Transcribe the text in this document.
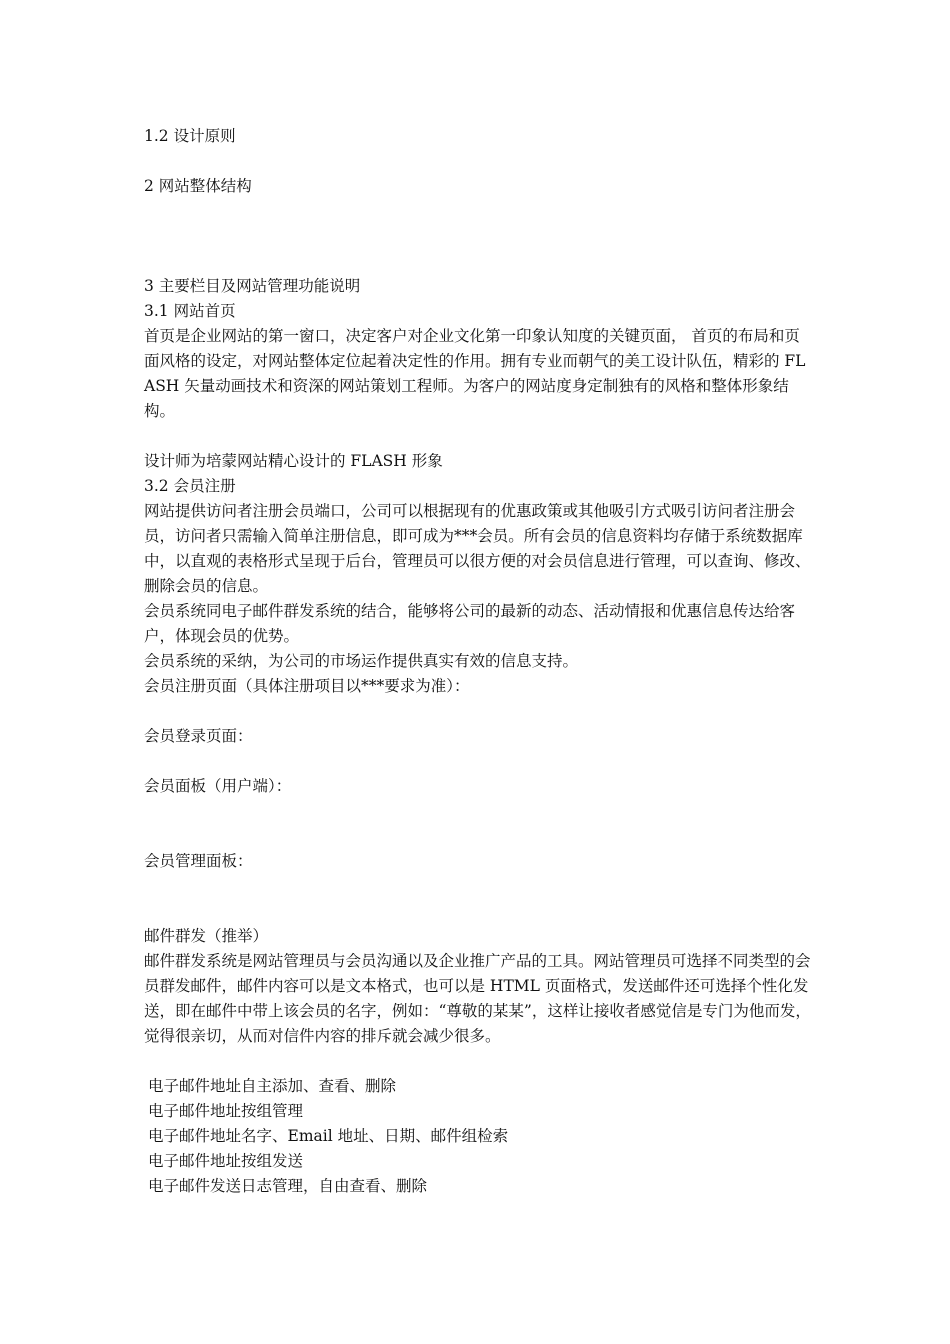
1.2 设计原则

2 网站整体结构

3 主要栏目及网站管理功能说明

3.1 网站首页

首页是企业网站的第一窗口，决定客户对企业文化第一印象认知度的关键页面， 首页的布局和页面风格的设定，对网站整体定位起着决定性的作用。拥有专业而朝气的美工设计队伍，精彩的 FLASH 矢量动画技术和资深的网站策划工程师。为客户的网站度身定制独有的风格和整体形象结构。

设计师为培蒙网站精心设计的 FLASH 形象

3.2 会员注册

网站提供访问者注册会员端口，公司可以根据现有的优惠政策或其他吸引方式吸引访问者注册会员，访问者只需输入简单注册信息，即可成为***会员。所有会员的信息资料均存储于系统数据库中，以直观的表格形式呈现于后台，管理员可以很方便的对会员信息进行管理，可以查询、修改、删除会员的信息。

会员系统同电子邮件群发系统的结合，能够将公司的最新的动态、活动情报和优惠信息传达给客户，体现会员的优势。

会员系统的采纳，为公司的市场运作提供真实有效的信息支持。

会员注册页面（具体注册项目以***要求为准）：

会员登录页面：

会员面板（用户端）：

会员管理面板：

邮件群发（推举）

邮件群发系统是网站管理员与会员沟通以及企业推广产品的工具。网站管理员可选择不同类型的会员群发邮件，邮件内容可以是文本格式，也可以是 HTML 页面格式，发送邮件还可选择个性化发送，即在邮件中带上该会员的名字，例如：“尊敬的某某”，这样让接收者感觉信是专门为他而发，觉得很亲切，从而对信件内容的排斥就会减少很多。

电子邮件地址自主添加、查看、删除

电子邮件地址按组管理

电子邮件地址名字、Email 地址、日期、邮件组检索

电子邮件地址按组发送

电子邮件发送日志管理，自由查看、删除
